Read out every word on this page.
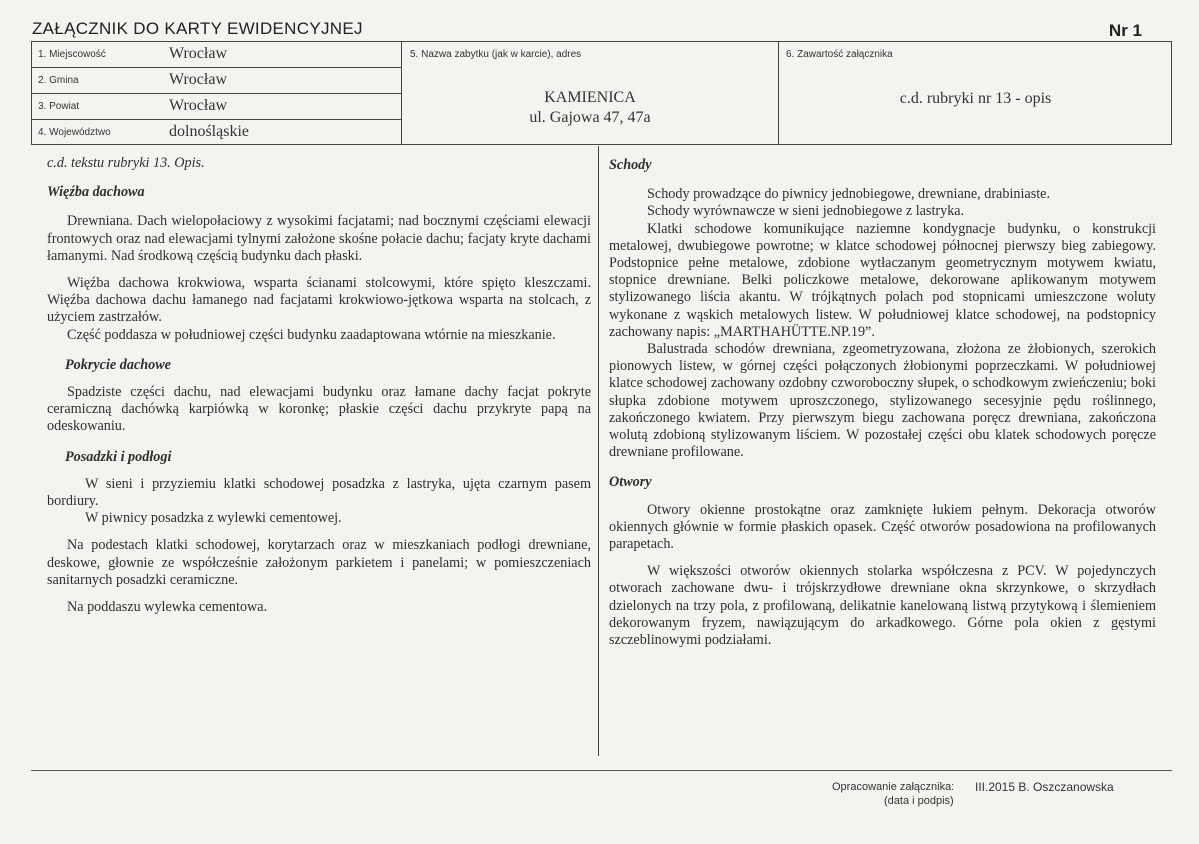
ZAŁĄCZNIK DO KARTY EWIDENCYJNEJ	Nr 1
1. Miejscowość	Wrocław
2. Gmina	Wrocław
3. Powiat	Wrocław
4. Województwo	dolnośląskie
5. Nazwa zabytku (jak w karcie), adres
KAMIENICA
ul. Gajowa 47, 47a
6. Zawartość załącznika
c.d. rubryki nr 13 - opis
c.d. tekstu rubryki 13. Opis.
Więźba dachowa

Drewniana. Dach wielopołaciowy z wysokimi facjatami; nad bocznymi częściami elewacji frontowych oraz nad elewacjami tylnymi założone skośne połacie dachu; facjaty kryte dachami łamanymi. Nad środkową częścią budynku dach płaski.

Więźba dachowa krokwiowa, wsparta ścianami stolcowymi, które spięto kleszczami. Więźba dachowa dachu łamanego nad facjatami krokwiowo-jętkowa wsparta na stolcach, z użyciem zastrzałów.

Część poddasza w południowej części budynku zaadaptowana wtórnie na mieszkanie.

Pokrycie dachowe

Spadziste części dachu, nad elewacjami budynku oraz łamane dachy facjat pokryte ceramiczną dachówką karpiówką w koronkę; płaskie części dachu przykryte papą na odeskowaniu.

Posadzki i podłogi

W sieni i przyziemiu klatki schodowej posadzka z lastryka, ujęta czarnym pasem bordiury.

W piwnicy posadzka z wylewki cementowej.

Na podestach klatki schodowej, korytarzach oraz w mieszkaniach podłogi drewniane, deskowe, głownie ze współcześnie założonym parkietem i panelami; w pomieszczeniach sanitarnych posadzki ceramiczne.

Na poddaszu wylewka cementowa.

Schody

Schody prowadzące do piwnicy jednobiegowe, drewniane, drabiniaste.

Schody wyrównawcze w sieni jednobiegowe z lastryka.

Klatki schodowe komunikujące naziemne kondygnacje budynku, o konstrukcji metalowej, dwubiegowe powrotne; w klatce schodowej północnej pierwszy bieg zabiegowy. Podstopnice pełne metalowe, zdobione wytłaczanym geometrycznym motywem kwiatu, stopnice drewniane. Belki policzkowe metalowe, dekorowane aplikowanym motywem stylizowanego liścia akantu. W trójkątnych polach pod stopnicami umieszczone woluty wykonane z wąskich metalowych listew. W południowej klatce schodowej, na podstopnicy zachowany napis: „MARTHAHÜTTE.NP.19”.

Balustrada schodów drewniana, zgeometryzowana, złożona ze żłobionych, szerokich pionowych listew, w górnej części połączonych żłobionymi poprzeczkami. W południowej klatce schodowej zachowany ozdobny czworoboczny słupek, o schodkowym zwieńczeniu; boki słupka zdobione motywem uproszczonego, stylizowanego secesyjnie pędu roślinnego, zakończonego kwiatem. Przy pierwszym biegu zachowana poręcz drewniana, zakończona wolutą zdobioną stylizowanym liściem. W pozostałej części obu klatek schodowych poręcze drewniane profilowane.

Otwory

Otwory okienne prostokątne oraz zamknięte łukiem pełnym. Dekoracja otworów okiennych głównie w formie płaskich opasek. Część otworów posadowiona na profilowanych parapetach.

W większości otworów okiennych stolarka współczesna z PCV. W pojedynczych otworach zachowane dwu- i trójskrzydłowe drewniane okna skrzynkowe, o skrzydłach dzielonych na trzy pola, z profilowaną, delikatnie kanelowaną listwą przytykową i ślemieniem dekorowanym fryzem, nawiązującym do arkadkowego. Górne pola okien z gęstymi szczeblinowymi podziałami.

Opracowanie załącznika: III.2015 B. Oszczanowska
(data i podpis)
